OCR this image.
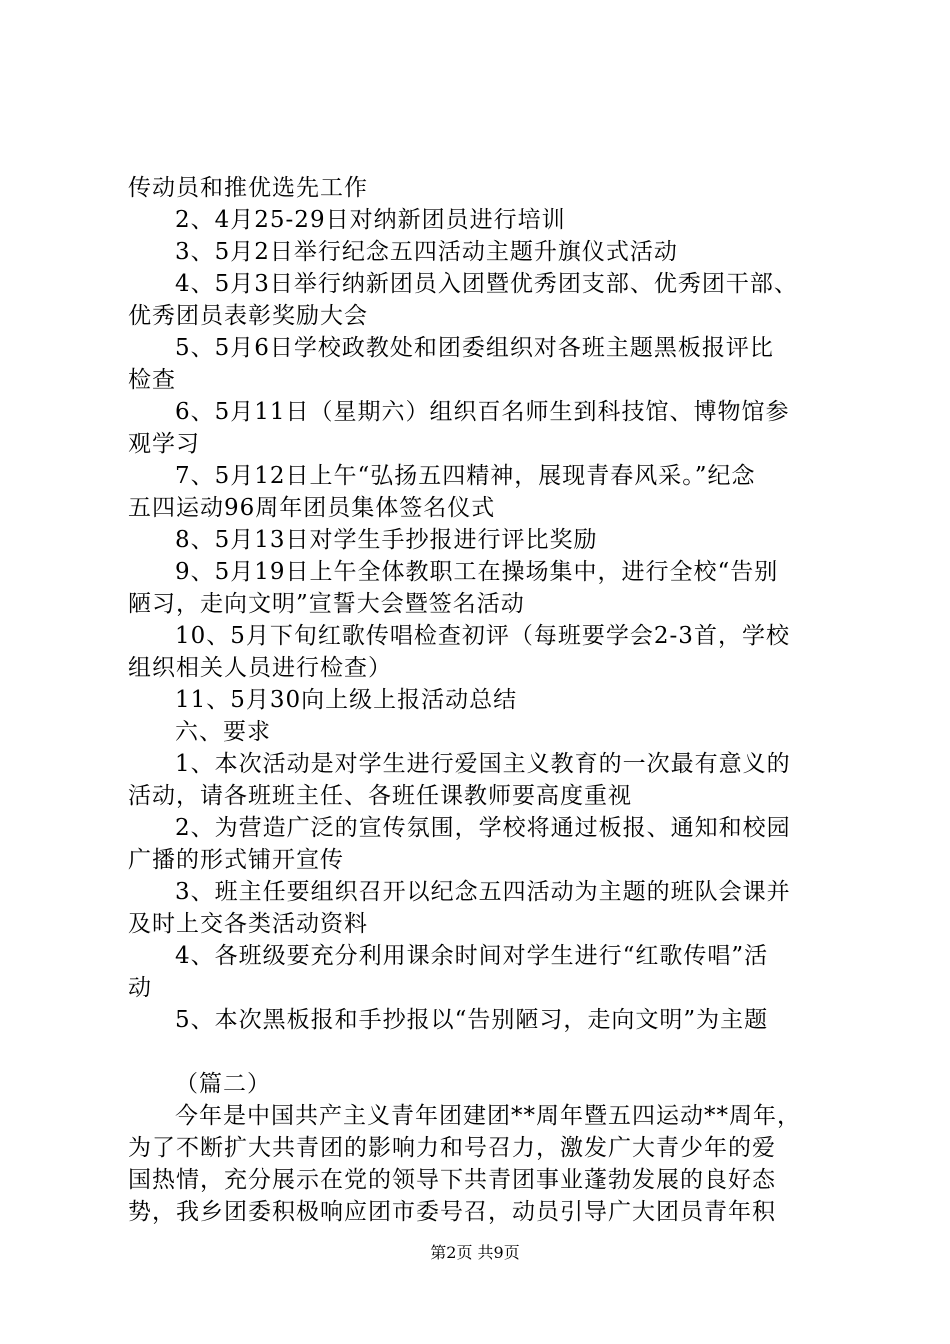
传动员和推优选先工作
2、4月25-29日对纳新团员进行培训
3、5月2日举行纪念五四活动主题升旗仪式活动
4、5月3日举行纳新团员入团暨优秀团支部、优秀团干部、
优秀团员表彰奖励大会
5、5月6日学校政教处和团委组织对各班主题黑板报评比
检查
6、5月11日（星期六）组织百名师生到科技馆、博物馆参
观学习
7、5月12日上午“弘扬五四精神，展现青春风采。”纪念
五四运动96周年团员集体签名仪式
8、5月13日对学生手抄报进行评比奖励
9、5月19日上午全体教职工在操场集中，进行全校“告别
陋习，走向文明”宣誓大会暨签名活动
10、5月下旬红歌传唱检查初评（每班要学会2-3首，学校
组织相关人员进行检查）
11、5月30向上级上报活动总结
六、要求
1、本次活动是对学生进行爱国主义教育的一次最有意义的
活动，请各班班主任、各班任课教师要高度重视
2、为营造广泛的宣传氛围，学校将通过板报、通知和校园
广播的形式铺开宣传
3、班主任要组织召开以纪念五四活动为主题的班队会课并
及时上交各类活动资料
4、各班级要充分利用课余时间对学生进行“红歌传唱”活
动
5、本次黑板报和手抄报以“告别陋习，走向文明”为主题
（篇二）
今年是中国共产主义青年团建团**周年暨五四运动**周年，
为了不断扩大共青团的影响力和号召力，激发广大青少年的爱
国热情，充分展示在党的领导下共青团事业蓬勃发展的良好态
势，我乡团委积极响应团市委号召，动员引导广大团员青年积
第2页 共9页
